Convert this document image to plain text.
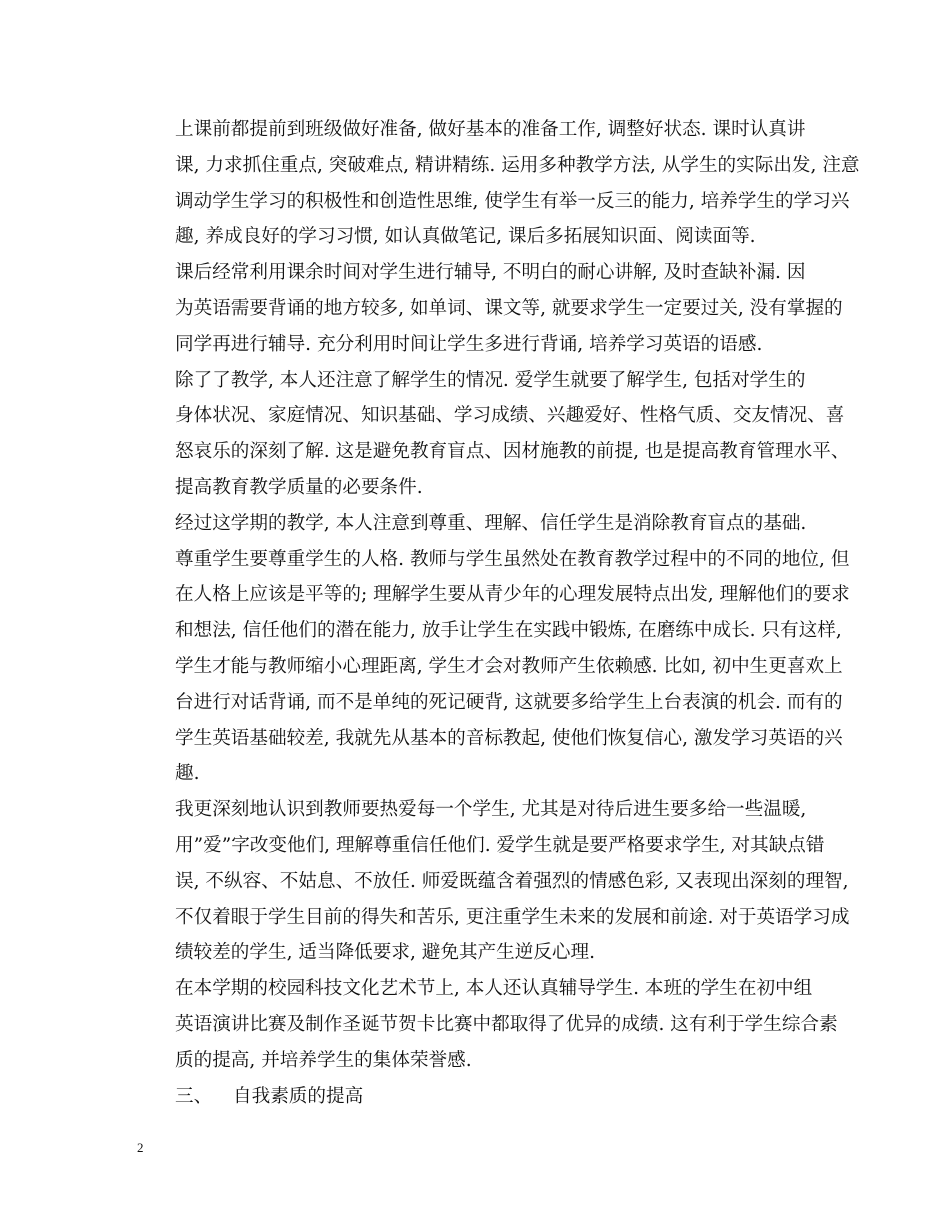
上课前都提前到班级做好准备, 做好基本的准备工作, 调整好状态. 课时认真讲
课, 力求抓住重点, 突破难点, 精讲精练. 运用多种教学方法, 从学生的实际出发, 注意
调动学生学习的积极性和创造性思维, 使学生有举一反三的能力, 培养学生的学习兴
趣, 养成良好的学习习惯, 如认真做笔记, 课后多拓展知识面、阅读面等.

课后经常利用课余时间对学生进行辅导, 不明白的耐心讲解, 及时查缺补漏. 因
为英语需要背诵的地方较多, 如单词、课文等, 就要求学生一定要过关, 没有掌握的
同学再进行辅导. 充分利用时间让学生多进行背诵, 培养学习英语的语感.

除了了教学, 本人还注意了解学生的情况. 爱学生就要了解学生, 包括对学生的
身体状况、家庭情况、知识基础、学习成绩、兴趣爱好、性格气质、交友情况、喜
怒哀乐的深刻了解. 这是避免教育盲点、因材施教的前提, 也是提高教育管理水平、
提高教育教学质量的必要条件.

经过这学期的教学, 本人注意到尊重、理解、信任学生是消除教育盲点的基础.
尊重学生要尊重学生的人格. 教师与学生虽然处在教育教学过程中的不同的地位, 但
在人格上应该是平等的; 理解学生要从青少年的心理发展特点出发, 理解他们的要求
和想法, 信任他们的潜在能力, 放手让学生在实践中锻炼, 在磨练中成长. 只有这样,
学生才能与教师缩小心理距离, 学生才会对教师产生依赖感. 比如, 初中生更喜欢上
台进行对话背诵, 而不是单纯的死记硬背, 这就要多给学生上台表演的机会. 而有的
学生英语基础较差, 我就先从基本的音标教起, 使他们恢复信心, 激发学习英语的兴
趣.

我更深刻地认识到教师要热爱每一个学生, 尤其是对待后进生要多给一些温暖,
用”爱”字改变他们, 理解尊重信任他们. 爱学生就是要严格要求学生, 对其缺点错
误, 不纵容、不姑息、不放任. 师爱既蕴含着强烈的情感色彩, 又表现出深刻的理智,
不仅着眼于学生目前的得失和苦乐, 更注重学生未来的发展和前途. 对于英语学习成
绩较差的学生, 适当降低要求, 避免其产生逆反心理.

在本学期的校园科技文化艺术节上, 本人还认真辅导学生. 本班的学生在初中组
英语演讲比赛及制作圣诞节贺卡比赛中都取得了优异的成绩. 这有利于学生综合素
质的提高, 并培养学生的集体荣誉感.

三、 自我素质的提高

2
